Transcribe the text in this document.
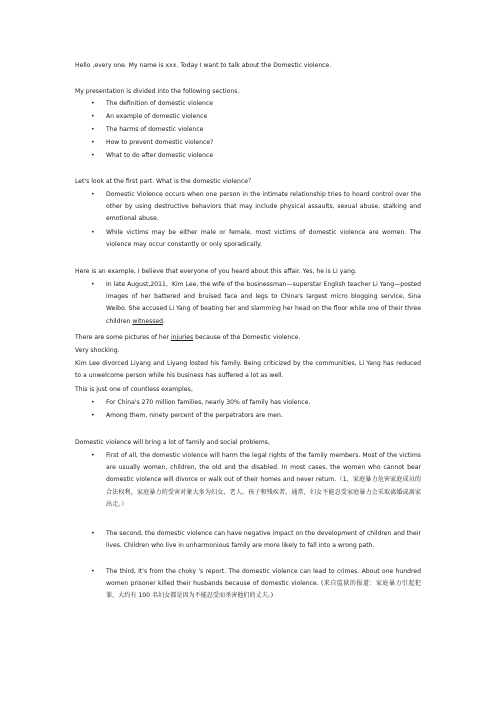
Hello ,every one. My name is xxx. Today I want to talk about the Domestic violence.
My presentation is divided into the following sections.
• The definition of domestic violence
• An example of domestic violence
• The harms of domestic violence
• How to prevent domestic violence?
• What to do after domestic violence
Let's look at the first part. What is the domestic violence？
• Domestic Violence occurs when one person in the intimate relationship tries to hoard control over the other by using destructive behaviors that may include physical assaults, sexual abuse, stalking and emotional abuse.
• While victims may be either male or female, most victims of domestic violence are women. The violence may occur constantly or only sporadically.
Here is an example, I believe that everyone of you heard about this affair. Yes, he is Li yang.
• In late August,2011，Kim Lee, the wife of the businessman—superstar English teacher Li Yang—posted images of her battered and bruised face and legs to China's largest micro blogging service, Sina Weibo. She accused Li Yang of beating her and slamming her head on the floor while one of their three children witnessed.
There are some pictures of her injuries because of the Domestic violence.
Very shocking.
Kim Lee divorced Liyang and Liyang losted his family. Being criticized by the communities, Li Yang has reduced to a unwelcome person while his business has suffered a lot as well.
This is just one of countless examples。
• For China's 270 million families, nearly 30% of family has violence.
• Among them, ninety percent of the perpetrators are men.
Domestic violence will bring a lot of family and social problems。
• First of all, the domestic violence will harm the legal rights of the family members. Most of the victims are usually women, children, the old and the disabled. In most cases, the women who cannot bear domestic violence will divorce or walk out of their homes and never return.（1，家庭暴力危害家庭成员的合法权利，家庭暴力的受害对象大多为妇女、老人、孩子和残疾者。通常，妇女不能忍受家庭暴力会采取离婚或离家出走。）
• The second, the domestic violence can have negative impact on the development of children and their lives. Children who live in unharmonious family are more likely to fall into a wrong path.
• The third, It's from the choky 's report. The domestic violence can lead to crimes. About one hundred women prisoner killed their husbands because of domestic violence. (来自监狱的报道：家庭暴力引起犯罪，大约有 100 名妇女都是因为不能忍受而杀害他们的丈夫。)
